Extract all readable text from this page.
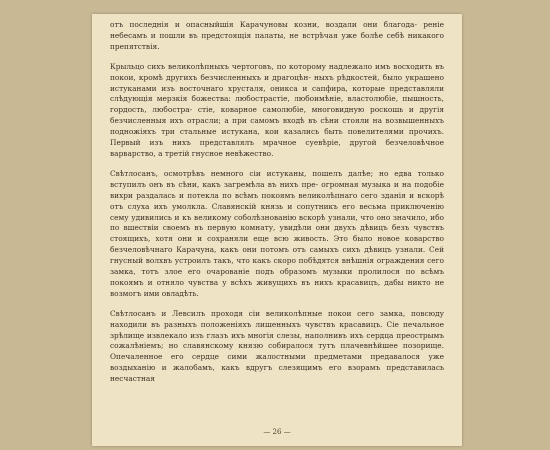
отъ последнія и опасныйшія Карачуновы козни, воздали они благода- реніе небесамъ и пошли въ предстоящія палаты, не встрѣчая уже болѣе себѣ никакого препятствія.

Крыльцо сихъ великолѣпныхъ чертоговъ, по которому надлежало имъ восходить въ покои, кромѣ другихъ безчисленныхъ и драгоцѣн- ныхъ рѣдкостей, было украшено истуканами изъ восточнаго хрусталя, оникса и сапфира, которые представляли слѣдующія мерзкія божества: любострастіе, любоимѣніе, властолюбіе, пышность, гордость, любостра- стіе, коварное самолюбіе, многовидную роскошь и другія безчисленныя ихъ отрасли; а при самомъ входѣ въ сѣни стояли на возвышенныхъ подножіяхъ три стальные истукана, кои казались быть повелителями прочихъ. Первый изъ нихъ представлялъ мрачное суевѣріе, другой безчеловѣчное варварство, а третій гнусное невѣжество.

Свѣтлосанъ, осмотрѣвъ немного сіи истуканы, пошелъ далѣе; но едва только вступилъ онъ въ сѣни, какъ загремѣла въ нихъ пре- огромная музыка и на подобіе вихри раздалась и потекла по всѣмъ покоямъ великолѣпнаго сего зданія и вскорѣ отъ слуха ихъ умолкла. Славянскій князь и сопутникъ его весьма приключенію сему удивились и къ великому соболѣзнованію вскорѣ узнали, что оно значило, ибо по вшествіи своемъ въ первую комнату, увидѣли они двухъ дѣвицъ безъ чувствъ стоящихъ, хотя они и сохраняли еще всю живость. Это было новое коварство безчеловѣчнаго Карачуна, какъ они потомъ отъ самыхъ сихъ дѣвицъ узнали. Сей гнусный волхвъ устроилъ такъ, что какъ скоро побѣдятся внѣшнія ограждения сего замка, тотъ злое его очарованіе подъ образомъ музыки пролилося по всѣмъ покоямъ и отняло чувства у всѣхъ живущихъ въ нихъ красавицъ, дабы никто не возмогъ ими овладѣть.

Свѣтлосанъ и Левсилъ проходя сіи великолѣпные покои сего замка, повсюду находили въ разныхъ положеніяхъ лишенныхъ чувствъ красавицъ. Сіе печальное зрѣлище извлекало изъ глазъ ихъ многія слезы, наполнивъ ихъ сердца преострымъ сожалѣніемъ; но славянскому князю собиралося тутъ плачевнѣйшее позорище. Опечаленное его сердце сими жалостными предметами предавалося уже воздыханію и жалобамъ, какъ вдругъ слезящимъ его взорамъ представилась несчастная

— 26 —
